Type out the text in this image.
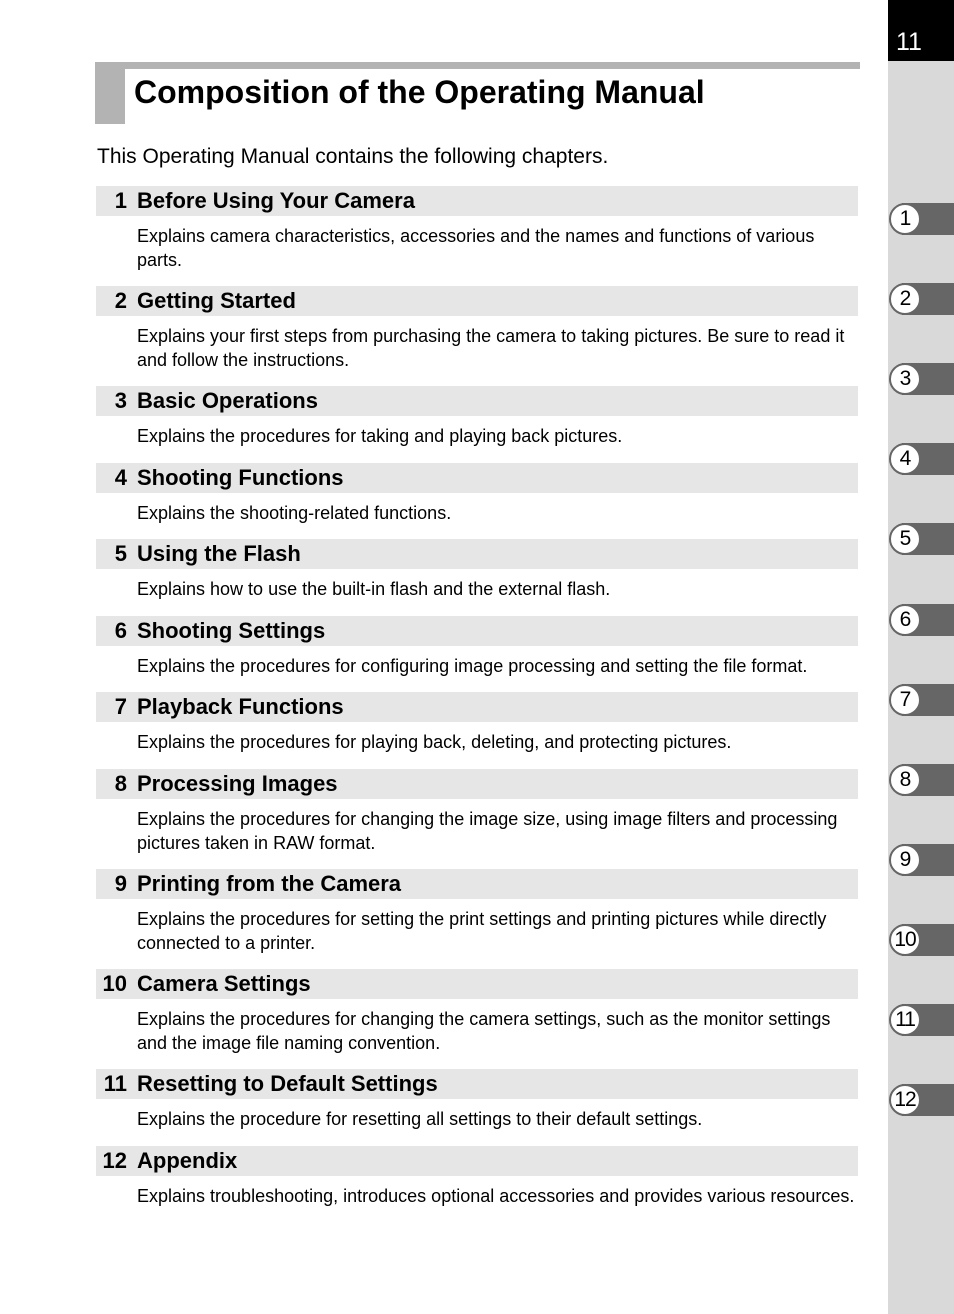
11
Composition of the Operating Manual
This Operating Manual contains the following chapters.
1 Before Using Your Camera
Explains camera characteristics, accessories and the names and functions of various parts.
2 Getting Started
Explains your first steps from purchasing the camera to taking pictures. Be sure to read it and follow the instructions.
3 Basic Operations
Explains the procedures for taking and playing back pictures.
4 Shooting Functions
Explains the shooting-related functions.
5 Using the Flash
Explains how to use the built-in flash and the external flash.
6 Shooting Settings
Explains the procedures for configuring image processing and setting the file format.
7 Playback Functions
Explains the procedures for playing back, deleting, and protecting pictures.
8 Processing Images
Explains the procedures for changing the image size, using image filters and processing pictures taken in RAW format.
9 Printing from the Camera
Explains the procedures for setting the print settings and printing pictures while directly connected to a printer.
10 Camera Settings
Explains the procedures for changing the camera settings, such as the monitor settings and the image file naming convention.
11 Resetting to Default Settings
Explains the procedure for resetting all settings to their default settings.
12 Appendix
Explains troubleshooting, introduces optional accessories and provides various resources.
1
2
3
4
5
6
7
8
9
10
11
12
